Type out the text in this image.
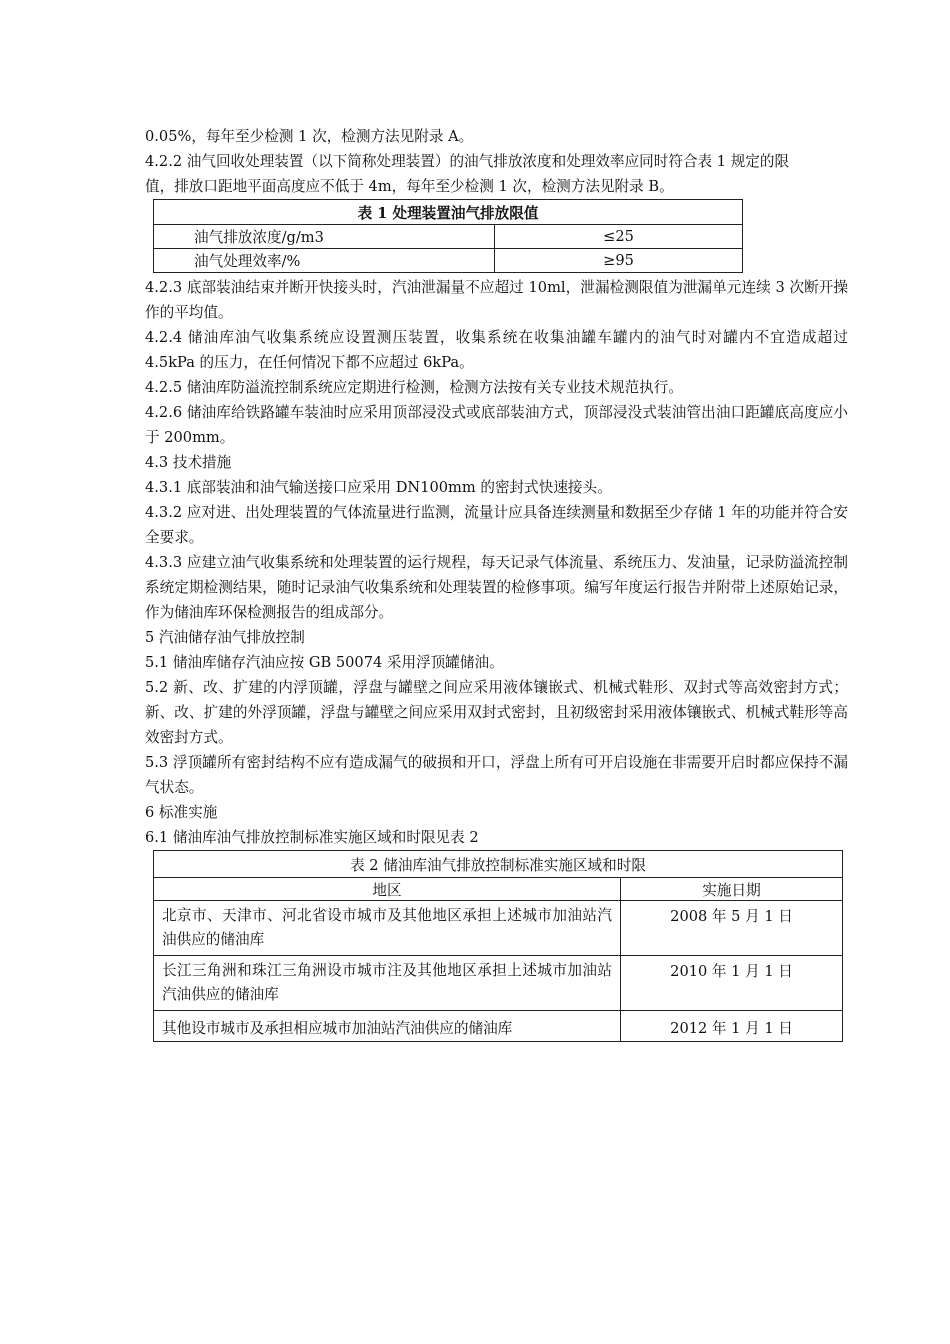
0.05%，每年至少检测 1 次，检测方法见附录 A。

4.2.2 油气回收处理装置（以下简称处理装置）的油气排放浓度和处理效率应同时符合表 1 规定的限

值，排放口距地平面高度应不低于 4m，每年至少检测 1 次，检测方法见附录 B。

表 1 处理装置油气排放限值	
油气排放浓度/g/m3	≤25
油气处理效率/%	≥95

4.2.3 底部装油结束并断开快接头时，汽油泄漏量不应超过 10ml，泄漏检测限值为泄漏单元连续 3 次断开操作的平均值。

4.2.4 储油库油气收集系统应设置测压装置，收集系统在收集油罐车罐内的油气时对罐内不宜造成超过 4.5kPa 的压力，在任何情况下都不应超过 6kPa。

4.2.5 储油库防溢流控制系统应定期进行检测，检测方法按有关专业技术规范执行。

4.2.6 储油库给铁路罐车装油时应采用顶部浸没式或底部装油方式，顶部浸没式装油管出油口距罐底高度应小于 200mm。

4.3 技术措施

4.3.1 底部装油和油气输送接口应采用 DN100mm 的密封式快速接头。

4.3.2 应对进、出处理装置的气体流量进行监测，流量计应具备连续测量和数据至少存储 1 年的功能并符合安全要求。

4.3.3 应建立油气收集系统和处理装置的运行规程，每天记录气体流量、系统压力、发油量，记录防溢流控制系统定期检测结果，随时记录油气收集系统和处理装置的检修事项。编写年度运行报告并附带上述原始记录，作为储油库环保检测报告的组成部分。

5 汽油储存油气排放控制

5.1 储油库储存汽油应按 GB 50074 采用浮顶罐储油。

5.2 新、改、扩建的内浮顶罐，浮盘与罐壁之间应采用液体镶嵌式、机械式鞋形、双封式等高效密封方式；新、改、扩建的外浮顶罐，浮盘与罐壁之间应采用双封式密封，且初级密封采用液体镶嵌式、机械式鞋形等高效密封方式。

5.3 浮顶罐所有密封结构不应有造成漏气的破损和开口，浮盘上所有可开启设施在非需要开启时都应保持不漏气状态。

6 标准实施

6.1 储油库油气排放控制标准实施区域和时限见表 2

表 2 储油库油气排放控制标准实施区域和时限	
地区	实施日期
北京市、天津市、河北省设市城市及其他地区承担上述城市加油站汽油供应的储油库	2008 年 5 月 1 日
长江三角洲和珠江三角洲设市城市注及其他地区承担上述城市加油站汽油供应的储油库	2010 年 1 月 1 日
其他设市城市及承担相应城市加油站汽油供应的储油库	2012 年 1 月 1 日
